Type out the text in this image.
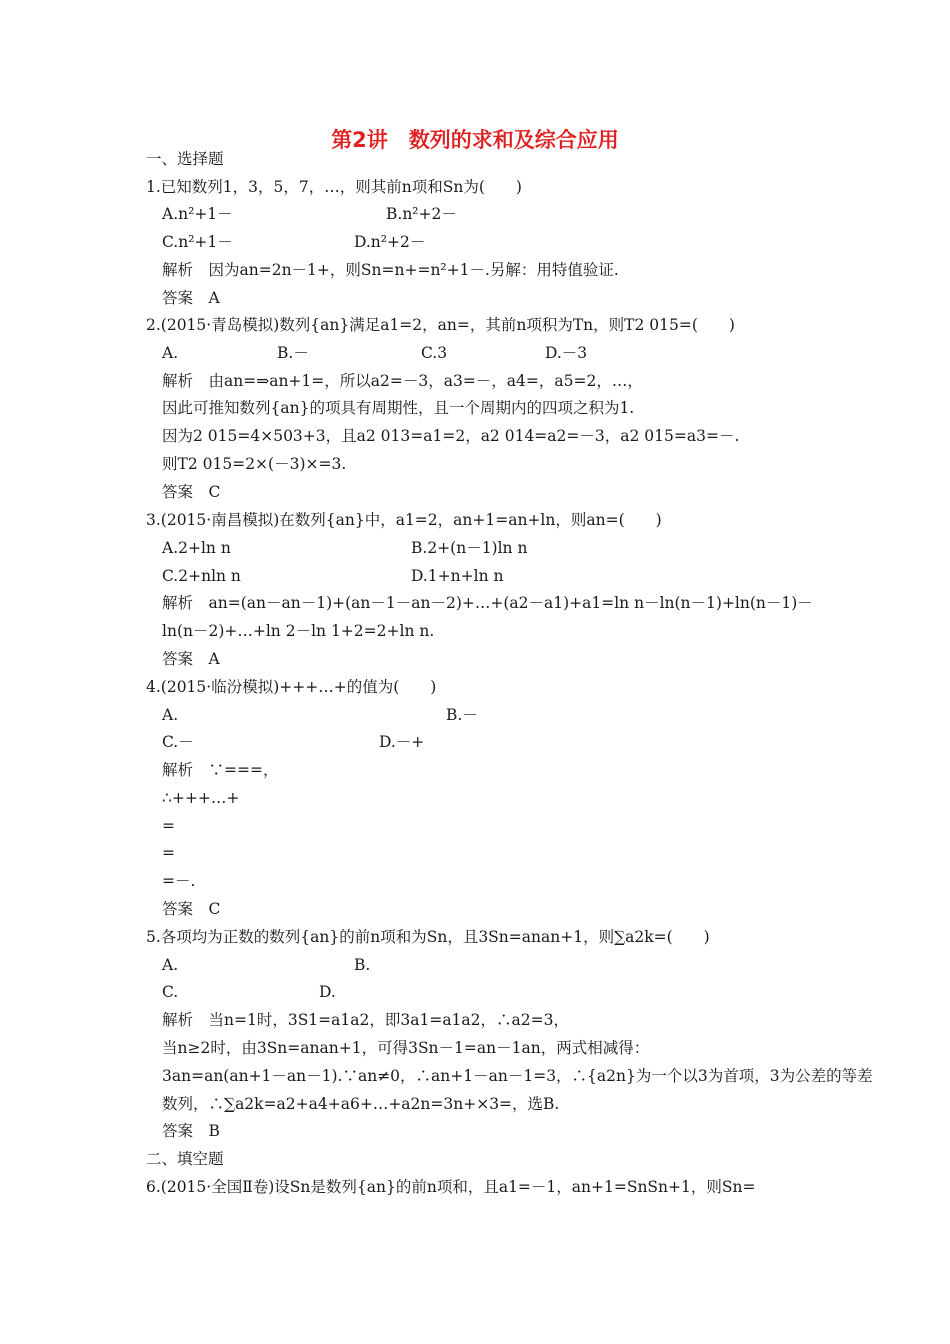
第2讲　数列的求和及综合应用
一、选择题
1.已知数列1，3，5，7，…，则其前n项和Sn为(　　)
A.n²+1－	B.n²+2－
C.n²+1－	D.n²+2－
解析　因为an=2n－1+，则Sn=n+=n²+1－.另解：用特值验证.
答案　A
2.(2015·青岛模拟)数列{an}满足a1=2，an=，其前n项积为Tn，则T2 015=(　　)
A.	B.－	C.3	D.－3
解析　由an=⇒an+1=，所以a2=－3，a3=－，a4=，a5=2，…，
因此可推知数列{an}的项具有周期性，且一个周期内的四项之积为1.
因为2 015=4×503+3，且a2 013=a1=2，a2 014=a2=－3，a2 015=a3=－.
则T2 015=2×(－3)×=3.
答案　C
3.(2015·南昌模拟)在数列{an}中，a1=2，an+1=an+ln，则an=(　　)
A.2+ln n	B.2+(n－1)ln n
C.2+nln n	D.1+n+ln n
解析　an=(an－an－1)+(an－1－an－2)+…+(a2－a1)+a1=ln n－ln(n－1)+ln(n－1)－
ln(n－2)+…+ln 2－ln 1+2=2+ln n.
答案　A
4.(2015·临汾模拟)+++…+的值为(　　)
A.	B.－
C.－	D.－+
解析　∵===，
∴+++…+
=
=
=－.
答案　C
5.各项均为正数的数列{an}的前n项和为Sn，且3Sn=anan+1，则∑a2k=(　　)
A.	B.
C.	D.
解析　当n=1时，3S1=a1a2，即3a1=a1a2，∴a2=3，
当n≥2时，由3Sn=anan+1，可得3Sn－1=an－1an，两式相减得：
3an=an(an+1－an－1).∵an≠0，∴an+1－an－1=3，∴{a2n}为一个以3为首项，3为公差的等差
数列，∴∑a2k=a2+a4+a6+…+a2n=3n+×3=，选B.
答案　B
二、填空题
6.(2015·全国Ⅱ卷)设Sn是数列{an}的前n项和，且a1=－1，an+1=SnSn+1，则Sn=
